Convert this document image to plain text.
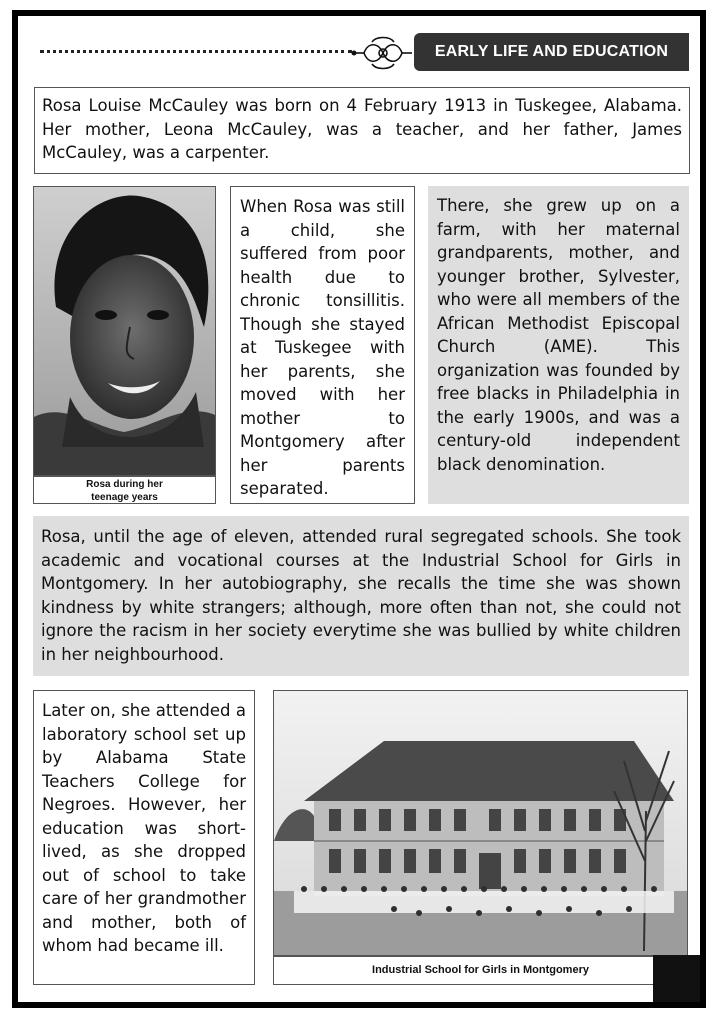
EARLY LIFE AND EDUCATION
Rosa Louise McCauley was born on 4 February 1913 in Tuskegee, Alabama. Her mother, Leona McCauley, was a teacher, and her father, James McCauley, was a carpenter.
Rosa during her
teenage years
When Rosa was still a child, she suffered from poor health due to chronic tonsillitis. Though she stayed at Tuskegee with her parents, she moved with her mother to Montgomery after her parents separated.
There, she grew up on a farm, with her maternal grandparents, mother, and younger brother, Sylvester, who were all members of the African Methodist Episcopal Church (AME). This organization was founded by free blacks in Philadelphia in the early 1900s, and was a century-old independent black denomination.
Rosa, until the age of eleven, attended rural segregated schools. She took academic and vocational courses at the Industrial School for Girls in Montgomery. In her autobiography, she recalls the time she was shown kindness by white strangers; although, more often than not, she could not ignore the racism in her society everytime she was bullied by white children in her neighbourhood.
Later on, she attended a laboratory school set up by Alabama State Teachers College for Negroes. However, her education was short-lived, as she dropped out of school to take care of her grandmother and mother, both of whom had became ill.
Industrial School for Girls in Montgomery
